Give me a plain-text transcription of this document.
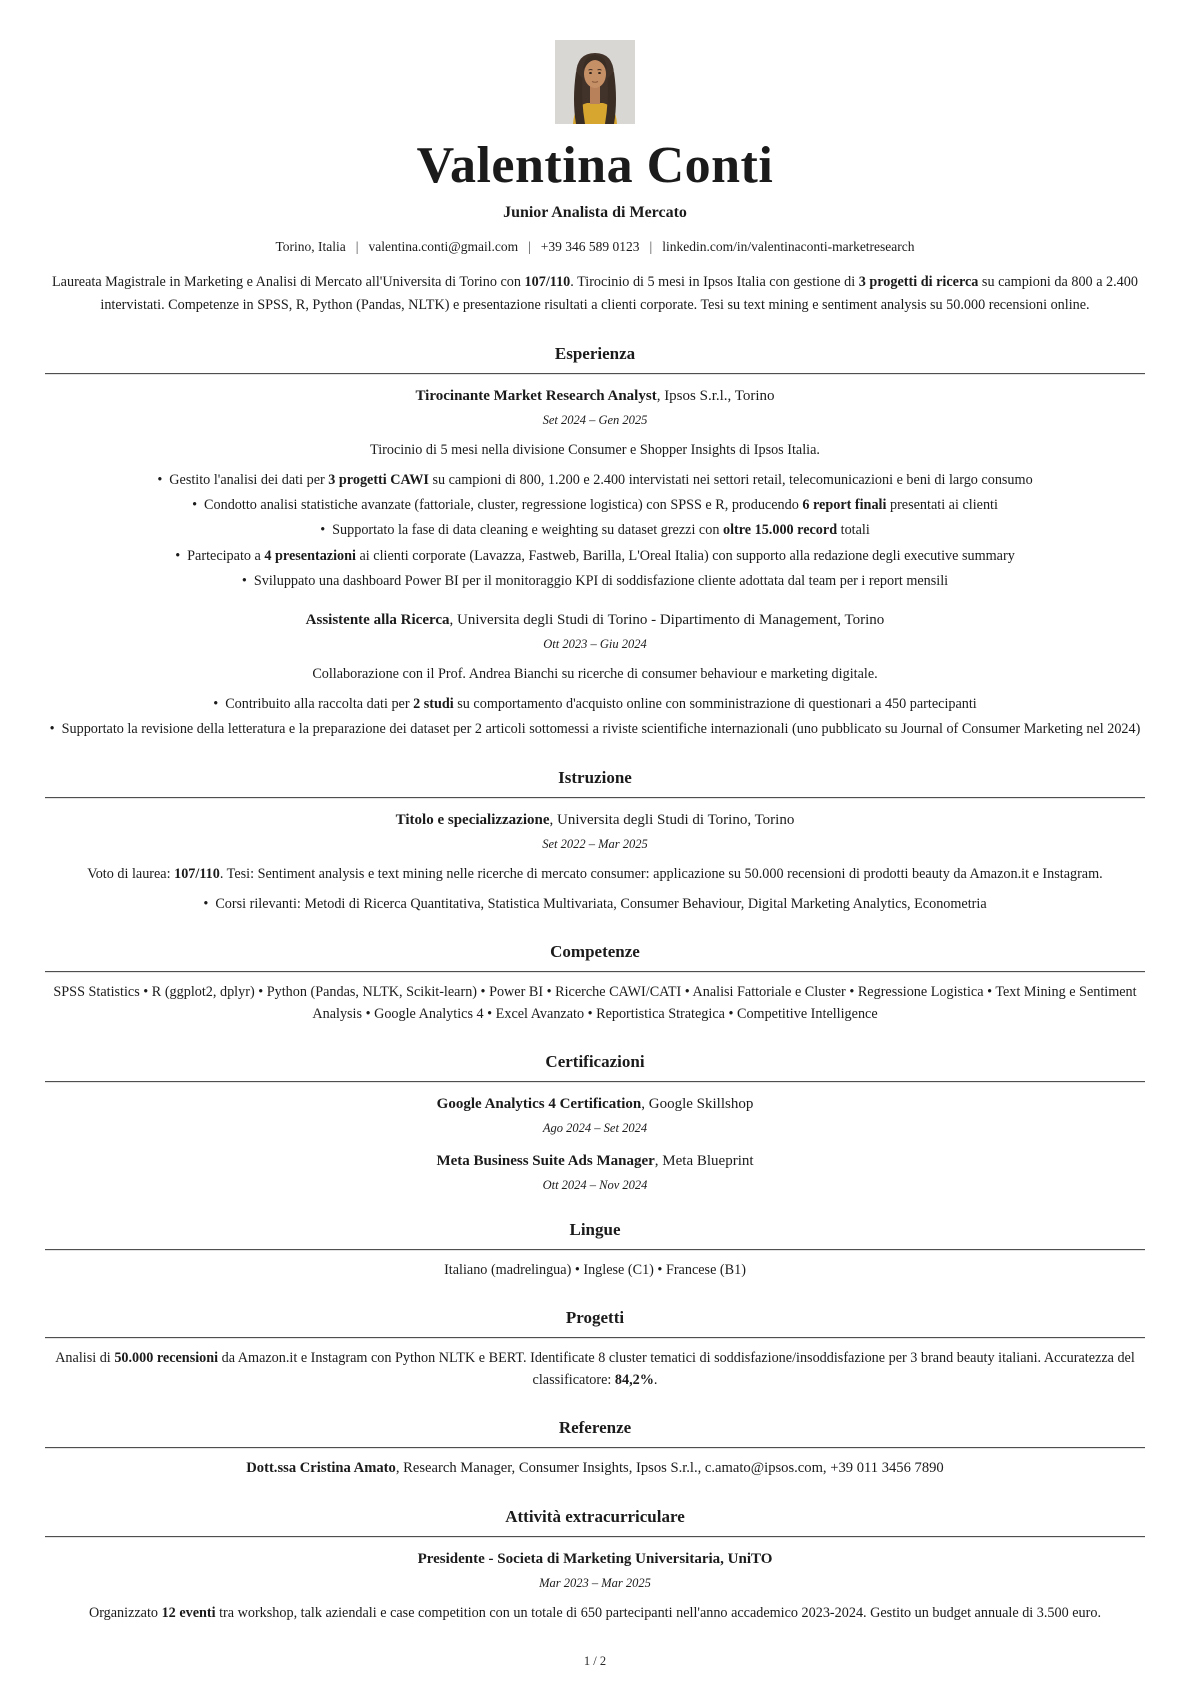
Valentina Conti
Junior Analista di Mercato
Torino, Italia | valentina.conti@gmail.com | +39 346 589 0123 | linkedin.com/in/valentinaconti-marketresearch

Laureata Magistrale in Marketing e Analisi di Mercato all'Universita di Torino con 107/110. Tirocinio di 5 mesi in Ipsos Italia con gestione di 3 progetti di ricerca su campioni da 800 a 2.400 intervistati. Competenze in SPSS, R, Python (Pandas, NLTK) e presentazione risultati a clienti corporate. Tesi su text mining e sentiment analysis su 50.000 recensioni online.

Esperienza
Tirocinante Market Research Analyst, Ipsos S.r.l., Torino
Set 2024 – Gen 2025

Tirocinio di 5 mesi nella divisione Consumer e Shopper Insights di Ipsos Italia.

• Gestito l'analisi dei dati per 3 progetti CAWI su campioni di 800, 1.200 e 2.400 intervistati nei settori retail, telecomunicazioni e beni di largo consumo

• Condotto analisi statistiche avanzate (fattoriale, cluster, regressione logistica) con SPSS e R, producendo 6 report finali presentati ai clienti

• Supportato la fase di data cleaning e weighting su dataset grezzi con oltre 15.000 record totali

• Partecipato a 4 presentazioni ai clienti corporate (Lavazza, Fastweb, Barilla, L'Oreal Italia) con supporto alla redazione degli executive summary

• Sviluppato una dashboard Power BI per il monitoraggio KPI di soddisfazione cliente adottata dal team per i report mensili

Assistente alla Ricerca, Universita degli Studi di Torino - Dipartimento di Management, Torino
Ott 2023 – Giu 2024

Collaborazione con il Prof. Andrea Bianchi su ricerche di consumer behaviour e marketing digitale.

• Contribuito alla raccolta dati per 2 studi su comportamento d'acquisto online con somministrazione di questionari a 450 partecipanti

• Supportato la revisione della letteratura e la preparazione dei dataset per 2 articoli sottomessi a riviste scientifiche internazionali (uno pubblicato su Journal of Consumer Marketing nel 2024)

Istruzione
Titolo e specializzazione, Universita degli Studi di Torino, Torino
Set 2022 – Mar 2025

Voto di laurea: 107/110. Tesi: Sentiment analysis e text mining nelle ricerche di mercato consumer: applicazione su 50.000 recensioni di prodotti beauty da Amazon.it e Instagram.

• Corsi rilevanti: Metodi di Ricerca Quantitativa, Statistica Multivariata, Consumer Behaviour, Digital Marketing Analytics, Econometria

Competenze

SPSS Statistics • R (ggplot2, dplyr) • Python (Pandas, NLTK, Scikit-learn) • Power BI • Ricerche CAWI/CATI • Analisi Fattoriale e Cluster • Regressione Logistica • Text Mining e Sentiment Analysis • Google Analytics 4 • Excel Avanzato • Reportistica Strategica • Competitive Intelligence

Certificazioni
Google Analytics 4 Certification, Google Skillshop
Ago 2024 – Set 2024
Meta Business Suite Ads Manager, Meta Blueprint
Ott 2024 – Nov 2024
Lingue

Italiano (madrelingua) • Inglese (C1) • Francese (B1)

Progetti

Analisi di 50.000 recensioni da Amazon.it e Instagram con Python NLTK e BERT. Identificate 8 cluster tematici di soddisfazione/insoddisfazione per 3 brand beauty italiani. Accuratezza del classificatore: 84,2%.

Referenze

Dott.ssa Cristina Amato, Research Manager, Consumer Insights, Ipsos S.r.l., c.amato@ipsos.com, +39 011 3456 7890

Attività extracurriculare
Presidente - Societa di Marketing Universitaria, UniTO
Mar 2023 – Mar 2025

Organizzato 12 eventi tra workshop, talk aziendali e case competition con un totale di 650 partecipanti nell'anno accademico 2023-2024. Gestito un budget annuale di 3.500 euro.

1 / 2
